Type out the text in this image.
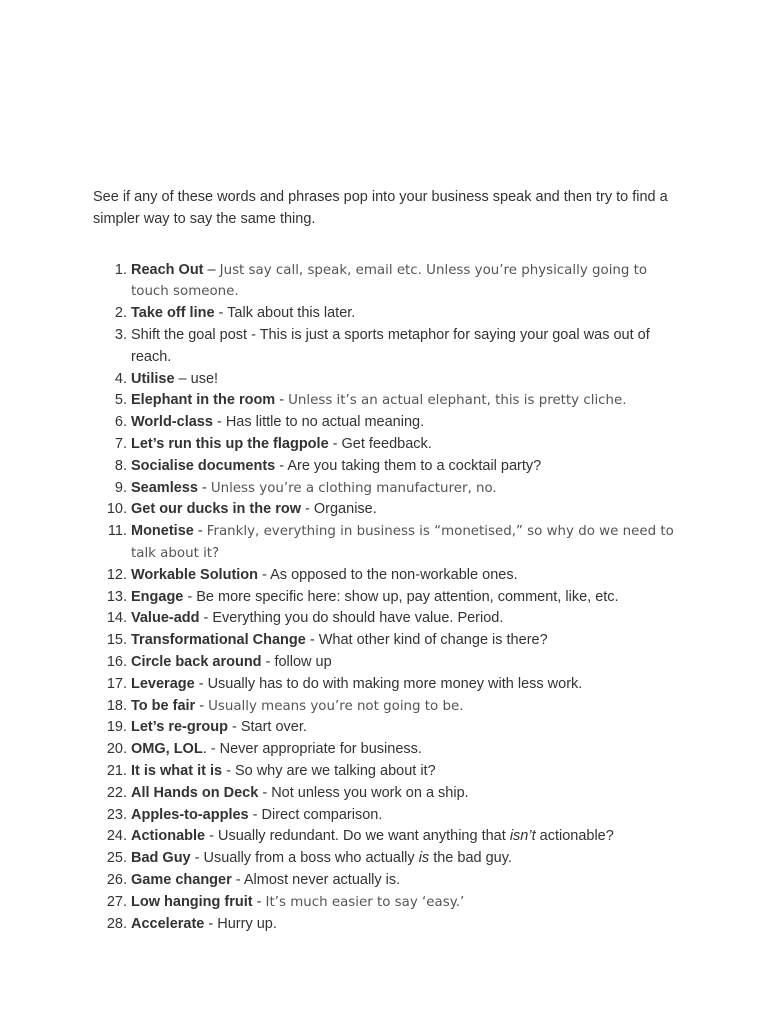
See if any of these words and phrases pop into your business speak and then try to find a simpler way to say the same thing.

1. Reach Out – Just say call, speak, email etc. Unless you’re physically going to touch someone.
2. Take off line - Talk about this later.
3. Shift the goal post - This is just a sports metaphor for saying your goal was out of reach.
4. Utilise – use!
5. Elephant in the room - Unless it’s an actual elephant, this is pretty cliche.
6. World-class - Has little to no actual meaning.
7. Let’s run this up the flagpole - Get feedback.
8. Socialise documents - Are you taking them to a cocktail party?
9. Seamless - Unless you’re a clothing manufacturer, no.
10. Get our ducks in the row - Organise.
11. Monetise - Frankly, everything in business is “monetised,” so why do we need to talk about it?
12. Workable Solution - As opposed to the non-workable ones.
13. Engage - Be more specific here: show up, pay attention, comment, like, etc.
14. Value-add - Everything you do should have value. Period.
15. Transformational Change - What other kind of change is there?
16. Circle back around - follow up
17. Leverage - Usually has to do with making more money with less work.
18. To be fair - Usually means you’re not going to be.
19. Let’s re-group - Start over.
20. OMG, LOL. - Never appropriate for business.
21. It is what it is - So why are we talking about it?
22. All Hands on Deck - Not unless you work on a ship.
23. Apples-to-apples - Direct comparison.
24. Actionable - Usually redundant. Do we want anything that isn’t actionable?
25. Bad Guy - Usually from a boss who actually is the bad guy.
26. Game changer - Almost never actually is.
27. Low hanging fruit - It’s much easier to say ‘easy.’
28. Accelerate - Hurry up.
